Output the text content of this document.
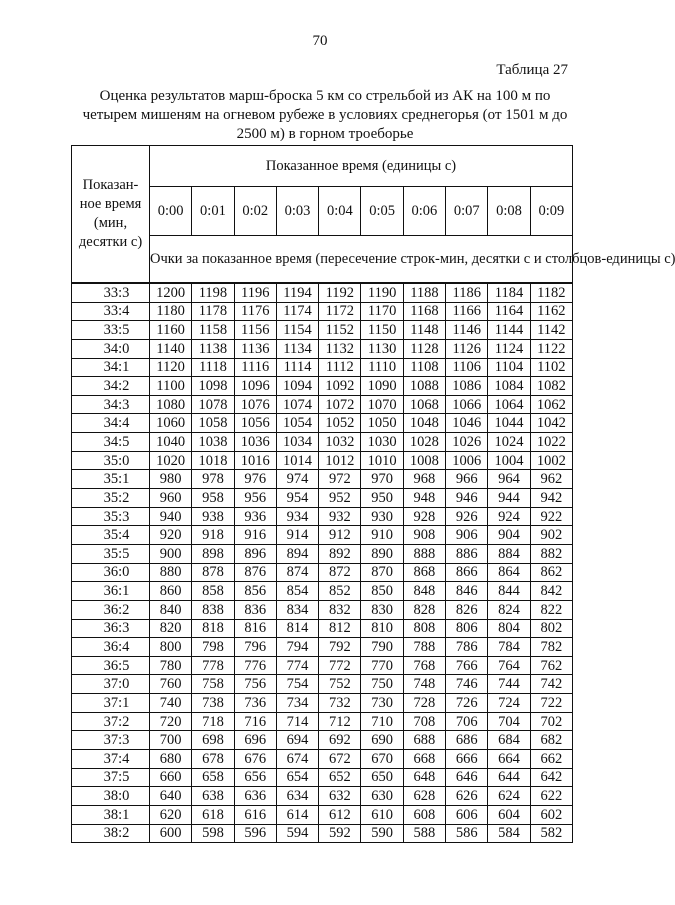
70
Таблица 27
Оценка результатов марш-броска 5 км со стрельбой из АК на 100 м по четырем мишеням на огневом рубеже в условиях среднегорья (от 1501 м до 2500 м) в горном троеборье
Показан-ное время (мин, десятки с)	Показанное время (единицы с)									
	0:00	0:01	0:02	0:03	0:04	0:05	0:06	0:07	0:08	0:09
	Очки за показанное время (пересечение строк-мин, десятки с и столбцов-единицы с)									
33:3	1200	1198	1196	1194	1192	1190	1188	1186	1184	1182
33:4	1180	1178	1176	1174	1172	1170	1168	1166	1164	1162
33:5	1160	1158	1156	1154	1152	1150	1148	1146	1144	1142
34:0	1140	1138	1136	1134	1132	1130	1128	1126	1124	1122
34:1	1120	1118	1116	1114	1112	1110	1108	1106	1104	1102
34:2	1100	1098	1096	1094	1092	1090	1088	1086	1084	1082
34:3	1080	1078	1076	1074	1072	1070	1068	1066	1064	1062
34:4	1060	1058	1056	1054	1052	1050	1048	1046	1044	1042
34:5	1040	1038	1036	1034	1032	1030	1028	1026	1024	1022
35:0	1020	1018	1016	1014	1012	1010	1008	1006	1004	1002
35:1	980	978	976	974	972	970	968	966	964	962
35:2	960	958	956	954	952	950	948	946	944	942
35:3	940	938	936	934	932	930	928	926	924	922
35:4	920	918	916	914	912	910	908	906	904	902
35:5	900	898	896	894	892	890	888	886	884	882
36:0	880	878	876	874	872	870	868	866	864	862
36:1	860	858	856	854	852	850	848	846	844	842
36:2	840	838	836	834	832	830	828	826	824	822
36:3	820	818	816	814	812	810	808	806	804	802
36:4	800	798	796	794	792	790	788	786	784	782
36:5	780	778	776	774	772	770	768	766	764	762
37:0	760	758	756	754	752	750	748	746	744	742
37:1	740	738	736	734	732	730	728	726	724	722
37:2	720	718	716	714	712	710	708	706	704	702
37:3	700	698	696	694	692	690	688	686	684	682
37:4	680	678	676	674	672	670	668	666	664	662
37:5	660	658	656	654	652	650	648	646	644	642
38:0	640	638	636	634	632	630	628	626	624	622
38:1	620	618	616	614	612	610	608	606	604	602
38:2	600	598	596	594	592	590	588	586	584	582
